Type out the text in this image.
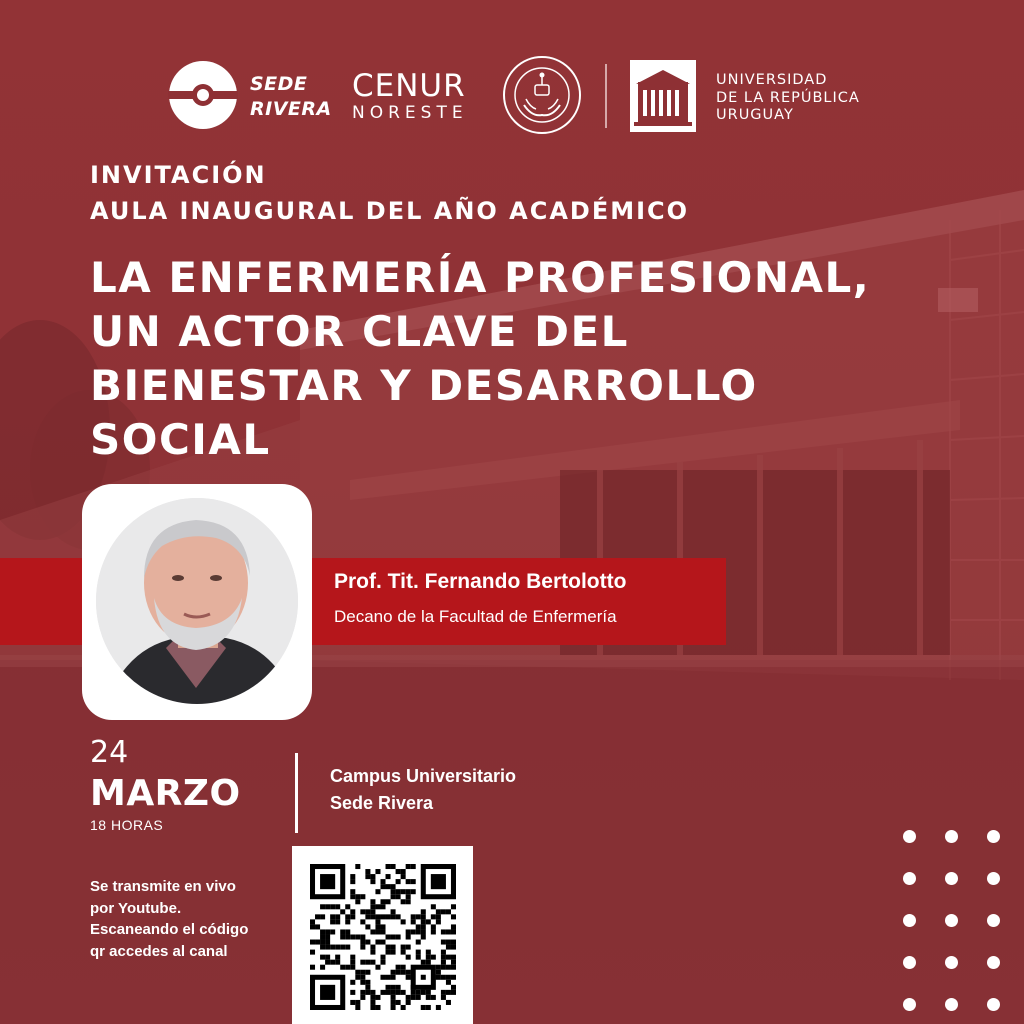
SEDE
RIVERA
CENUR
NORESTE
UNIVERSIDAD
DE LA REPÚBLICA
URUGUAY
INVITACIÓN
AULA INAUGURAL DEL AÑO ACADÉMICO
LA ENFERMERÍA PROFESIONAL,
UN ACTOR CLAVE DEL
BIENESTAR Y DESARROLLO
SOCIAL
Prof. Tit. Fernando Bertolotto
Decano de la Facultad de Enfermería
24
MARZO
18 HORAS
Campus Universitario
Sede Rivera
Se transmite en vivo por Youtube. Escaneando el código qr accedes al canal
